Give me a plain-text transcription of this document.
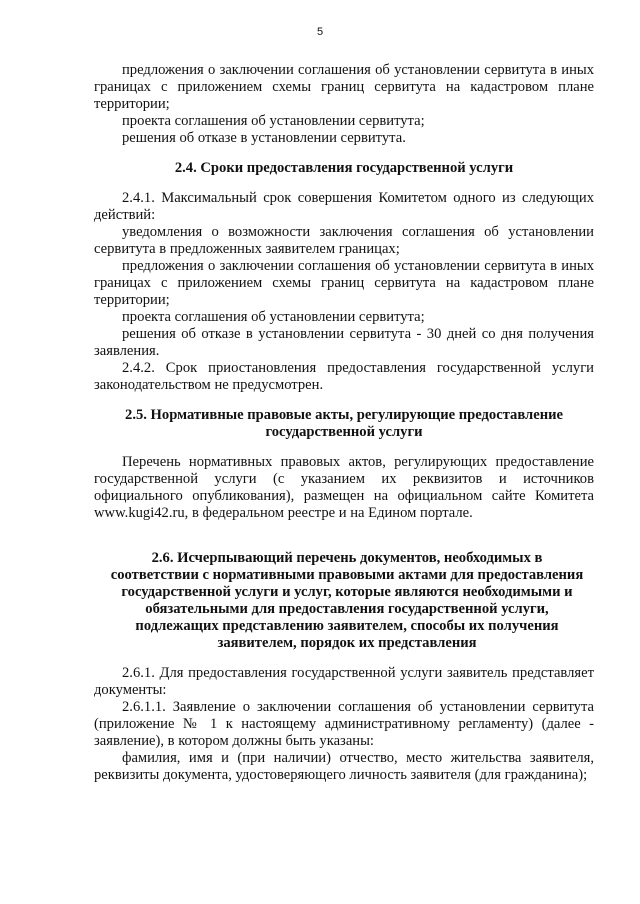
5

предложения о заключении соглашения об установлении сервитута в иных границах с приложением схемы границ сервитута на кадастровом плане территории;

проекта соглашения об установлении сервитута;

решения об отказе в установлении сервитута.

2.4. Сроки предоставления государственной услуги

2.4.1. Максимальный срок совершения Комитетом одного из следующих действий:

уведомления о возможности заключения соглашения об установлении сервитута в предложенных заявителем границах;

предложения о заключении соглашения об установлении сервитута в иных границах с приложением схемы границ сервитута на кадастровом плане территории;

проекта соглашения об установлении сервитута;

решения об отказе в установлении сервитута - 30 дней со дня получения заявления.

2.4.2. Срок приостановления предоставления государственной услуги законодательством не предусмотрен.

2.5. Нормативные правовые акты, регулирующие предоставление
государственной услуги

Перечень нормативных правовых актов, регулирующих предоставление государственной услуги (с указанием их реквизитов и источников официального опубликования), размещен на официальном сайте Комитета www.kugi42.ru, в федеральном реестре и на Едином портале.

2.6. Исчерпывающий перечень документов, необходимых в
соответствии с нормативными правовыми актами для предоставления
государственной услуги и услуг, которые являются необходимыми и
обязательными для предоставления государственной услуги,
подлежащих представлению заявителем, способы их получения
заявителем, порядок их представления

2.6.1. Для предоставления государственной услуги заявитель представляет документы:

2.6.1.1. Заявление о заключении соглашения об установлении сервитута (приложение № 1 к настоящему административному регламенту) (далее - заявление), в котором должны быть указаны:

фамилия, имя и (при наличии) отчество, место жительства заявителя, реквизиты документа, удостоверяющего личность заявителя (для гражданина);
